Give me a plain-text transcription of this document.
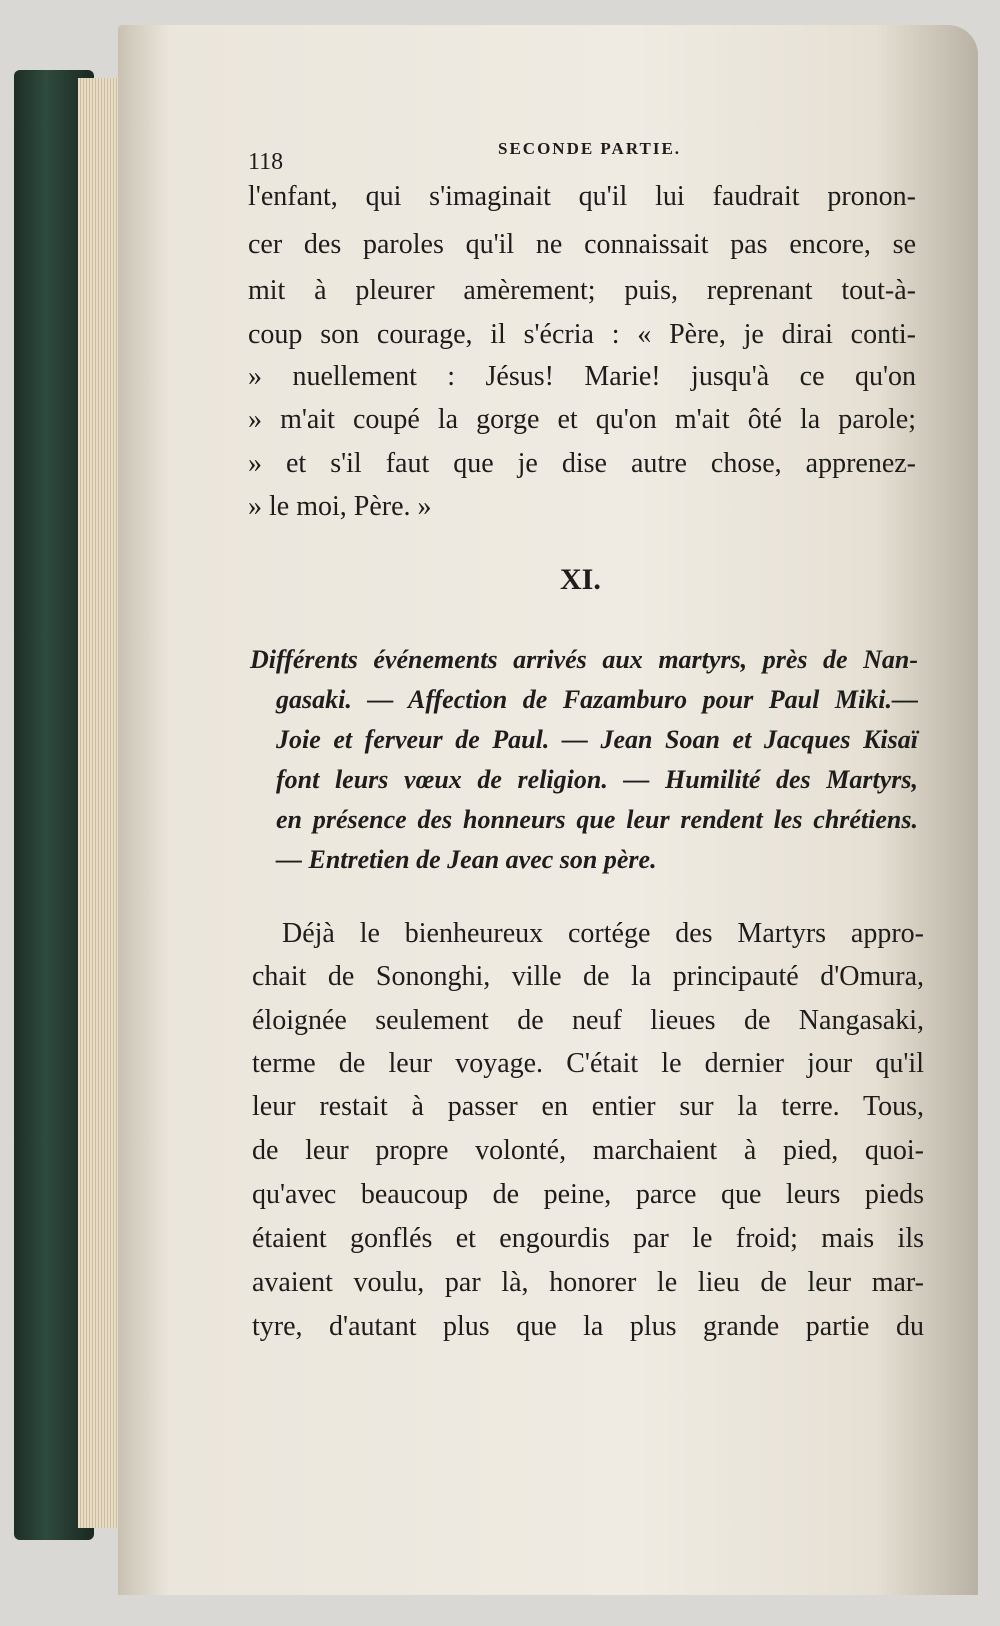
118
SECONDE PARTIE.
XI.
l'enfant, qui s'imaginait qu'il lui faudrait pronon-
cer des paroles qu'il ne connaissait pas encore, se
mit à pleurer amèrement; puis, reprenant tout-à-
coup son courage, il s'écria : « Père, je dirai conti-
» nuellement : Jésus! Marie! jusqu'à ce qu'on
» m'ait coupé la gorge et qu'on m'ait ôté la parole;
» et s'il faut que je dise autre chose, apprenez-
» le moi, Père. »
Différents événements arrivés aux martyrs, près de Nan-
gasaki. — Affection de Fazamburo pour Paul Miki.—
Joie et ferveur de Paul. — Jean Soan et Jacques Kisaï
font leurs vœux de religion. — Humilité des Martyrs,
en présence des honneurs que leur rendent les chrétiens.
— Entretien de Jean avec son père.
Déjà le bienheureux cortége des Martyrs appro-
chait de Sononghi, ville de la principauté d'Omura,
éloignée seulement de neuf lieues de Nangasaki,
terme de leur voyage. C'était le dernier jour qu'il
leur restait à passer en entier sur la terre. Tous,
de leur propre volonté, marchaient à pied, quoi-
qu'avec beaucoup de peine, parce que leurs pieds
étaient gonflés et engourdis par le froid; mais ils
avaient voulu, par là, honorer le lieu de leur mar-
tyre, d'autant plus que la plus grande partie du
